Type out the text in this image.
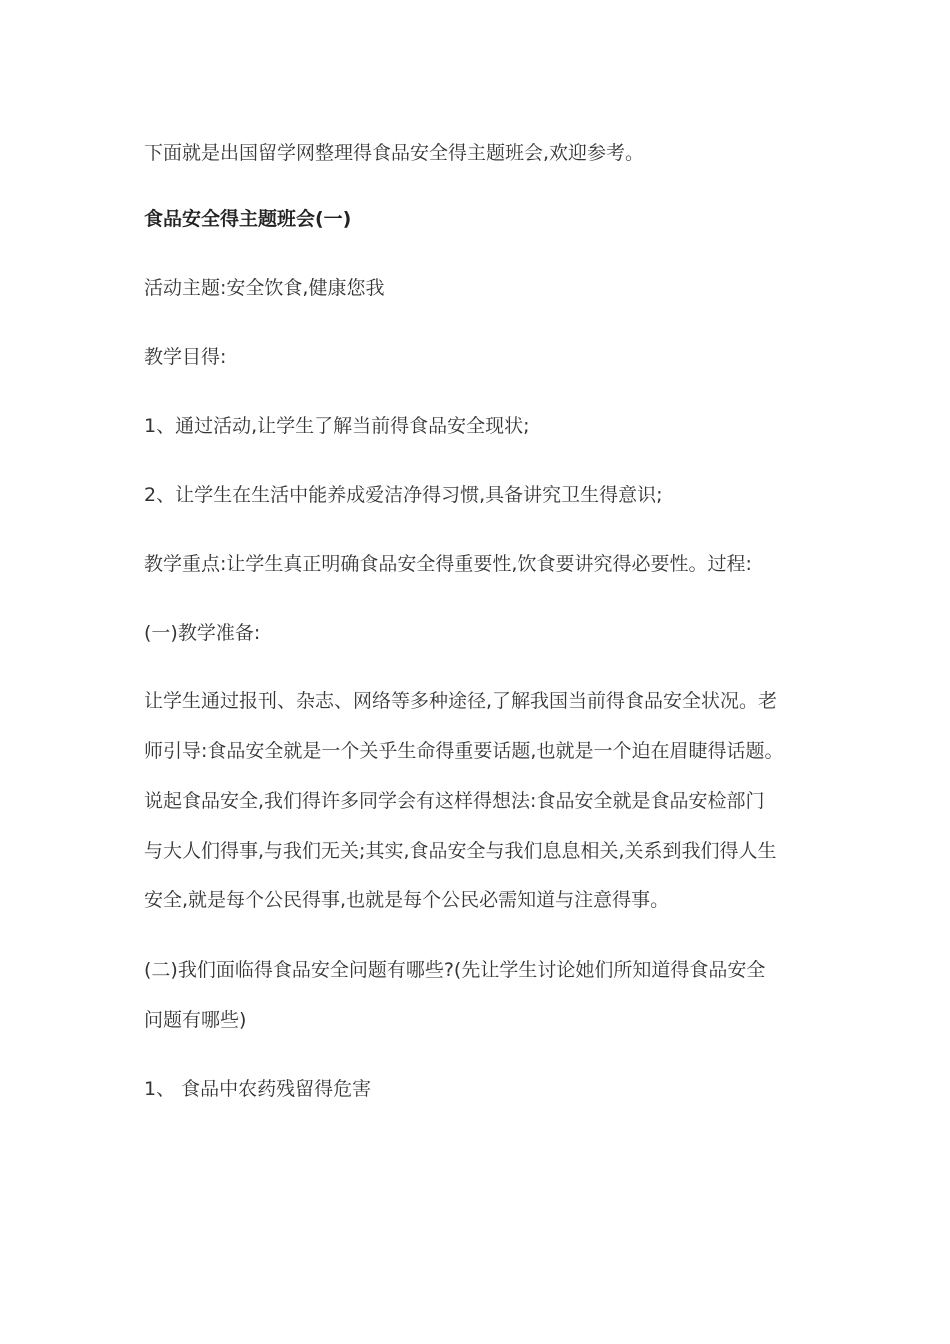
下面就是出国留学网整理得食品安全得主题班会,欢迎参考。
食品安全得主题班会(一)
活动主题:安全饮食,健康您我
教学目得:
1、通过活动,让学生了解当前得食品安全现状;
2、让学生在生活中能养成爱洁净得习惯,具备讲究卫生得意识;
教学重点:让学生真正明确食品安全得重要性,饮食要讲究得必要性。过程:
(一)教学准备:
让学生通过报刊、杂志、网络等多种途径,了解我国当前得食品安全状况。老
师引导:食品安全就是一个关乎生命得重要话题,也就是一个迫在眉睫得话题。
说起食品安全,我们得许多同学会有这样得想法:食品安全就是食品安检部门
与大人们得事,与我们无关;其实,食品安全与我们息息相关,关系到我们得人生
安全,就是每个公民得事,也就是每个公民必需知道与注意得事。
(二)我们面临得食品安全问题有哪些?(先让学生讨论她们所知道得食品安全
问题有哪些)
1、 食品中农药残留得危害
